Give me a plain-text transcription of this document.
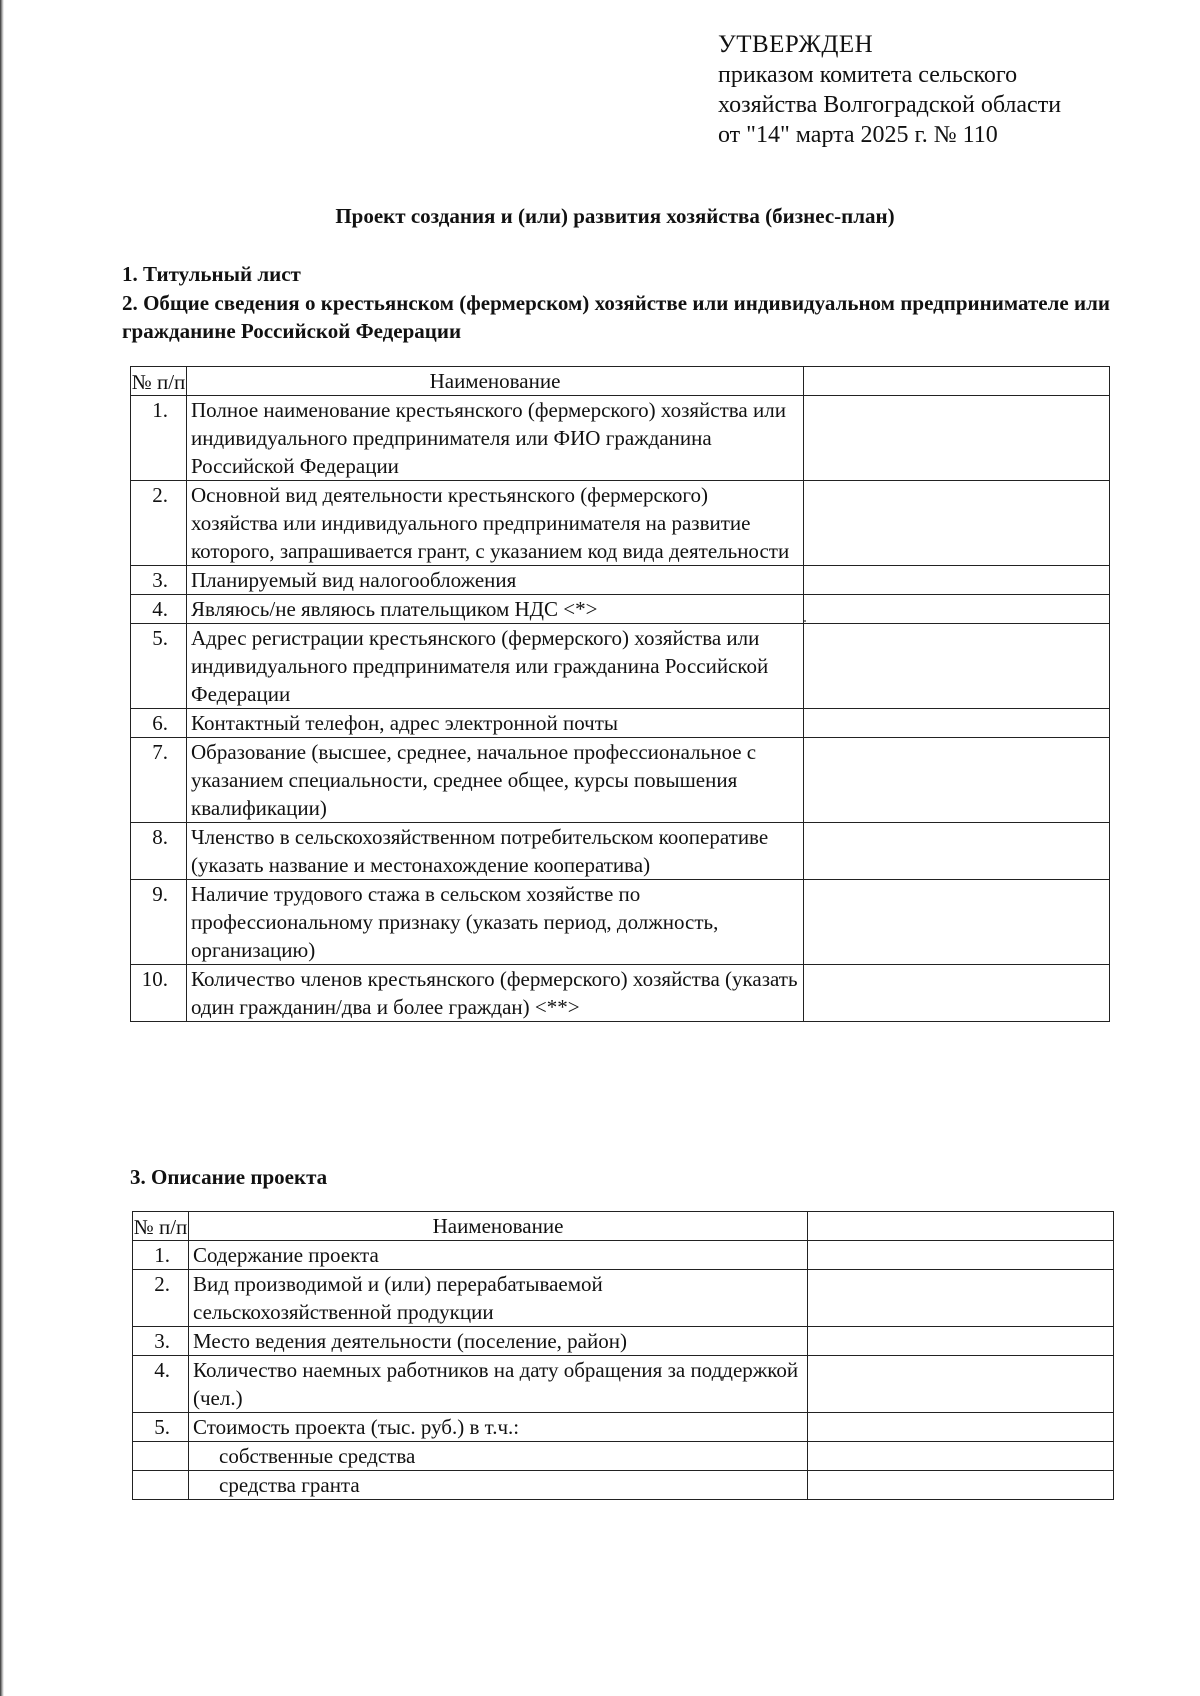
УТВЕРЖДЕН
приказом комитета сельского
хозяйства Волгоградской области
от "14" марта 2025 г. № 110
Проект создания и (или) развития хозяйства (бизнес-план)
1. Титульный лист
2. Общие сведения о крестьянском (фермерском) хозяйстве или индивидуальном предпринимателе или гражданине Российской Федерации
№ п/п	Наименование	
1.	Полное наименование крестьянского (фермерского) хозяйства или индивидуального предпринимателя или ФИО гражданина Российской Федерации	
2.	Основной вид деятельности крестьянского (фермерского) хозяйства или индивидуального предпринимателя на развитие которого, запрашивается грант, с указанием код вида деятельности	
3.	Планируемый вид налогообложения	
4.	Являюсь/не являюсь плательщиком НДС <*>	
5.	Адрес регистрации крестьянского (фермерского) хозяйства или индивидуального предпринимателя или гражданина Российской Федерации	
6.	Контактный телефон, адрес электронной почты	
7.	Образование (высшее, среднее, начальное профессиональное с указанием специальности, среднее общее, курсы повышения квалификации)	
8.	Членство в сельскохозяйственном потребительском кооперативе (указать название и местонахождение кооператива)	
9.	Наличие трудового стажа в сельском хозяйстве по профессиональному признаку (указать период, должность, организацию)	
10.	Количество членов крестьянского (фермерского) хозяйства (указать один гражданин/два и более граждан) <**>	
3. Описание проекта
№ п/п	Наименование	
1.	Содержание проекта	
2.	Вид производимой и (или) перерабатываемой сельскохозяйственной продукции	
3.	Место ведения деятельности (поселение, район)	
4.	Количество наемных работников на дату обращения за поддержкой (чел.)	
5.	Стоимость проекта (тыс. руб.) в т.ч.:	
	собственные средства	
	средства гранта	
